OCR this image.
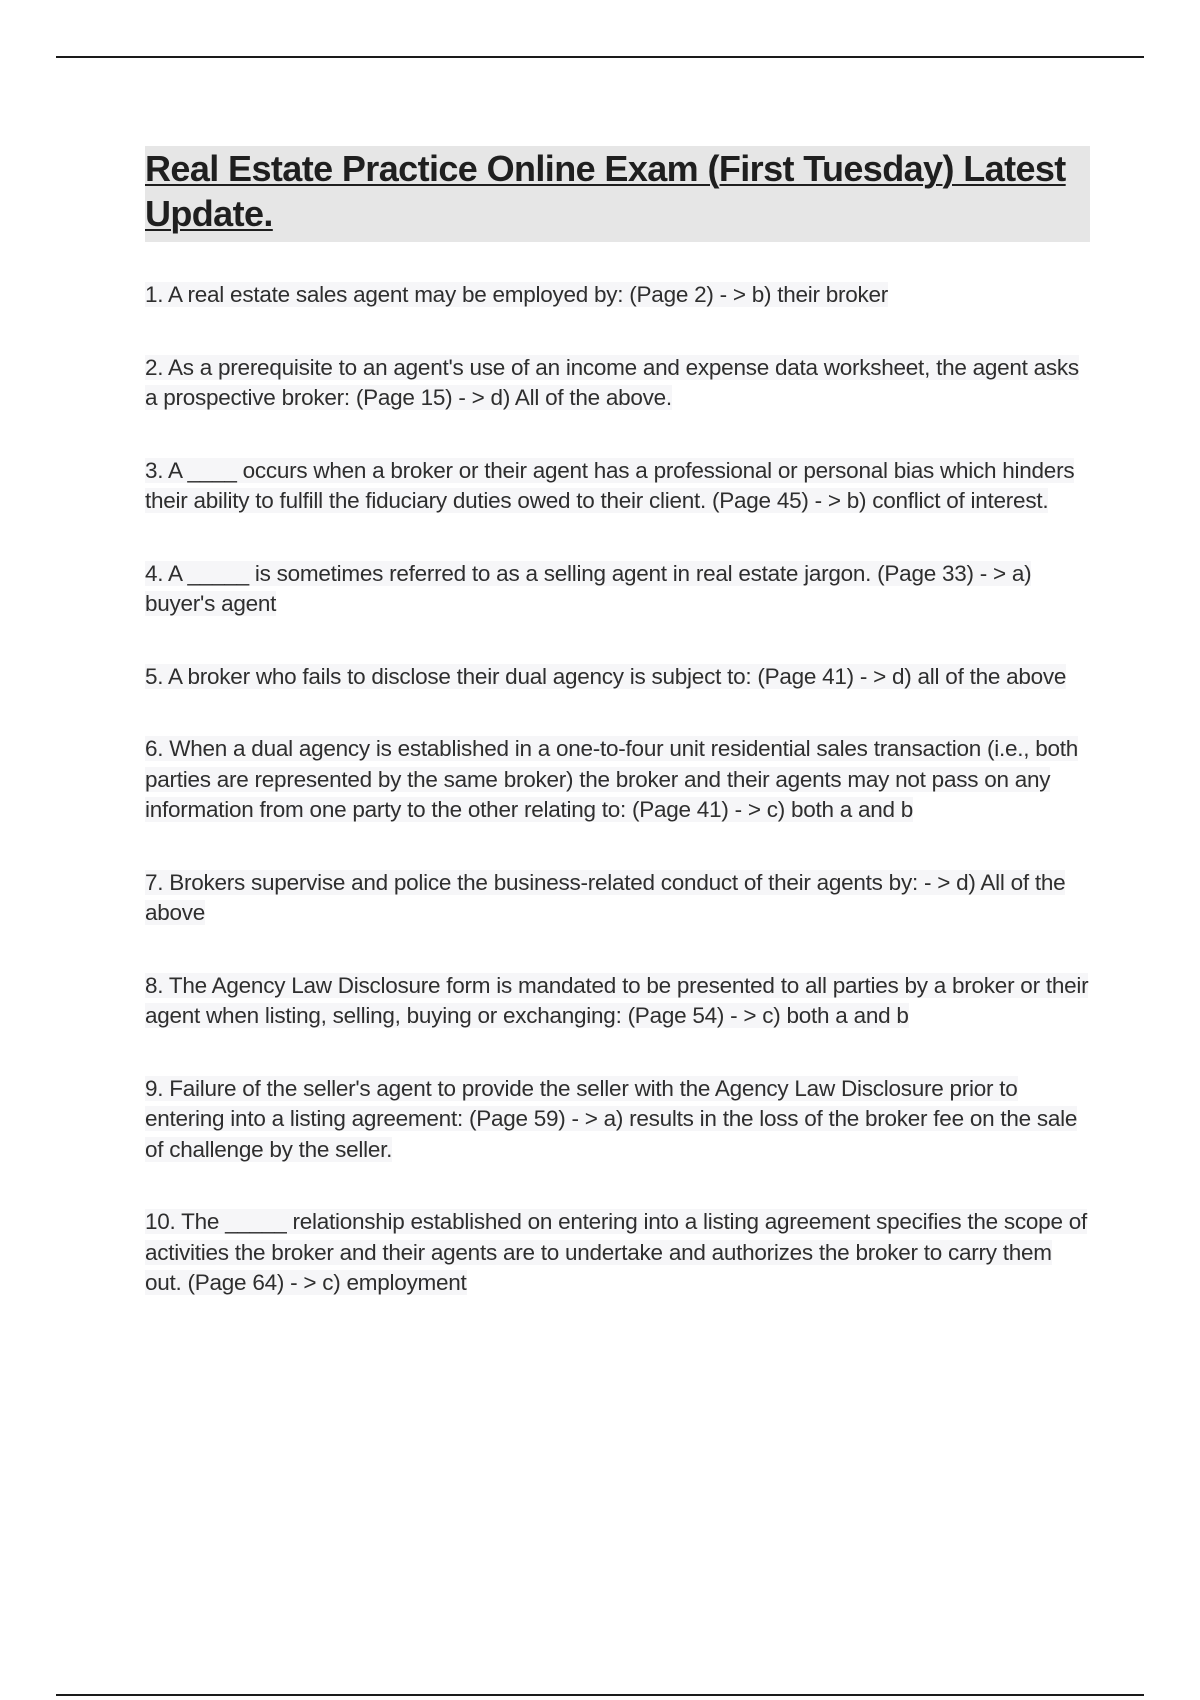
Real Estate Practice Online Exam (First Tuesday) Latest Update.
1. A real estate sales agent may be employed by: (Page 2) - > b) their broker
2. As a prerequisite to an agent's use of an income and expense data worksheet, the agent asks a prospective broker: (Page 15) - > d) All of the above.
3. A ____ occurs when a broker or their agent has a professional or personal bias which hinders their ability to fulfill the fiduciary duties owed to their client. (Page 45) - > b) conflict of interest.
4. A _____ is sometimes referred to as a selling agent in real estate jargon. (Page 33) - > a) buyer's agent
5. A broker who fails to disclose their dual agency is subject to: (Page 41) - > d) all of the above
6. When a dual agency is established in a one-to-four unit residential sales transaction (i.e., both parties are represented by the same broker) the broker and their agents may not pass on any information from one party to the other relating to: (Page 41) - > c) both a and b
7. Brokers supervise and police the business-related conduct of their agents by: - > d) All of the above
8. The Agency Law Disclosure form is mandated to be presented to all parties by a broker or their agent when listing, selling, buying or exchanging: (Page 54) - > c) both a and b
9. Failure of the seller's agent to provide the seller with the Agency Law Disclosure prior to entering into a listing agreement: (Page 59) - > a) results in the loss of the broker fee on the sale of challenge by the seller.
10. The _____ relationship established on entering into a listing agreement specifies the scope of activities the broker and their agents are to undertake and authorizes the broker to carry them out. (Page 64) - > c) employment
